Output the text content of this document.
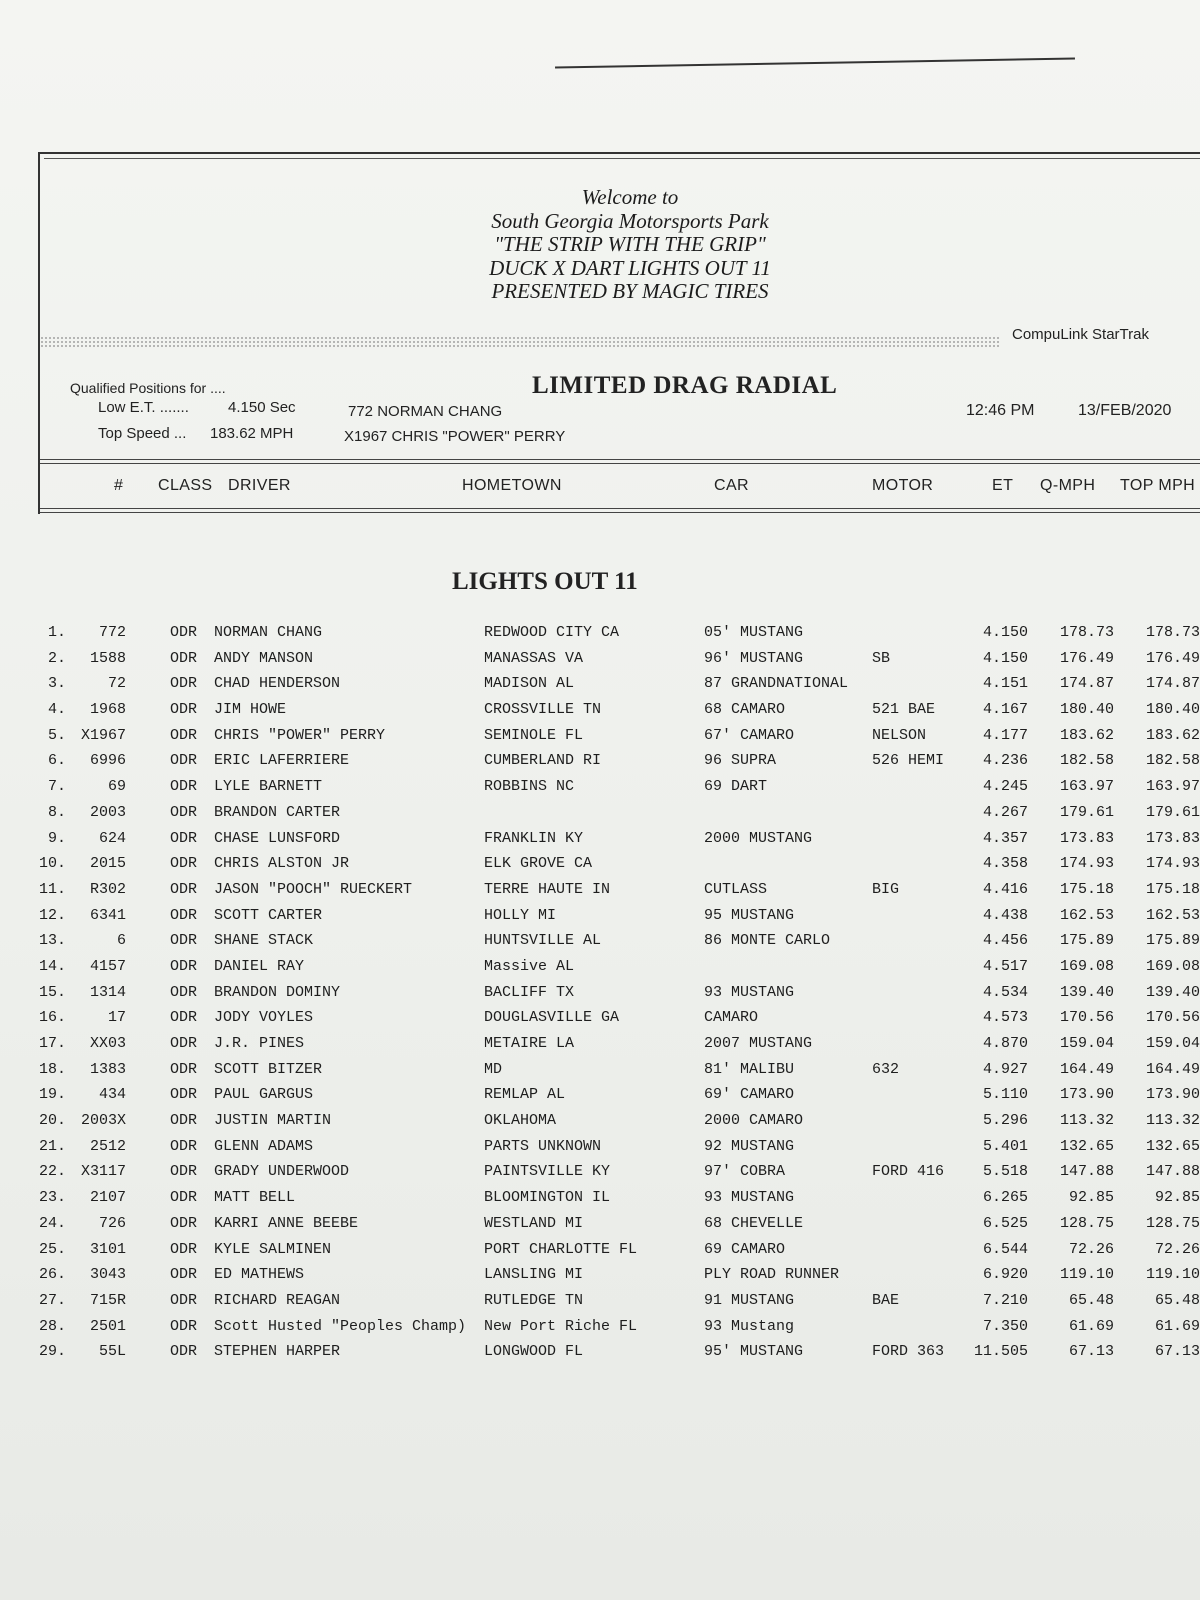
Welcome to
South Georgia Motorsports Park
"THE STRIP WITH THE GRIP"
DUCK X DART LIGHTS OUT 11
PRESENTED BY MAGIC TIRES
CompuLink StarTrak
LIMITED DRAG RADIAL
Qualified Positions for ....
Low E.T. .......	4.150 Sec	772 NORMAN CHANG
Top Speed ... 183.62 MPH	X1967 CHRIS "POWER" PERRY
12:46 PM	13/FEB/2020
# CLASS DRIVER	HOMETOWN	CAR	MOTOR	ET Q-MPH TOP MPH
LIGHTS OUT 11
1.	772	ODR NORMAN CHANG	REDWOOD CITY CA	05' MUSTANG	4.150	178.73	178.73
2.	1588	ODR ANDY MANSON	MANASSAS VA	96' MUSTANG	SB	4.150	176.49	176.49
3.	72	ODR CHAD HENDERSON	MADISON AL	87 GRANDNATIONAL	4.151	174.87	174.87
4.	1968	ODR JIM HOWE	CROSSVILLE TN	68 CAMARO	521 BAE	4.167	180.40	180.40
5. X1967	ODR CHRIS "POWER" PERRY	SEMINOLE FL	67' CAMARO	NELSON	4.177	183.62	183.62
6.	6996	ODR ERIC LAFERRIERE	CUMBERLAND RI	96 SUPRA	526 HEMI	4.236	182.58	182.58
7.	69	ODR LYLE BARNETT	ROBBINS NC	69 DART	4.245	163.97	163.97
8.	2003	ODR BRANDON CARTER	4.267	179.61	179.61
9.	624	ODR CHASE LUNSFORD	FRANKLIN KY	2000 MUSTANG	4.357	173.83	173.83
10.	2015	ODR CHRIS ALSTON JR	ELK GROVE CA	4.358	174.93	174.93
11.	R302	ODR JASON "POOCH" RUECKERT	TERRE HAUTE IN	CUTLASS	BIG	4.416	175.18	175.18
12.	6341	ODR SCOTT CARTER	HOLLY MI	95 MUSTANG	4.438	162.53	162.53
13.	6	ODR SHANE STACK	HUNTSVILLE AL	86 MONTE CARLO	4.456	175.89	175.89
14.	4157	ODR DANIEL RAY	Massive AL	4.517	169.08	169.08
15.	1314	ODR BRANDON DOMINY	BACLIFF TX	93 MUSTANG	4.534	139.40	139.40
16.	17	ODR JODY VOYLES	DOUGLASVILLE GA	CAMARO	4.573	170.56	170.56
17.	XX03	ODR J.R. PINES	METAIRE LA	2007 MUSTANG	4.870	159.04	159.04
18.	1383	ODR SCOTT BITZER	MD	81' MALIBU	632	4.927	164.49	164.49
19.	434	ODR PAUL GARGUS	REMLAP AL	69' CAMARO	5.110	173.90	173.90
20. 2003X	ODR JUSTIN MARTIN	OKLAHOMA	2000 CAMARO	5.296	113.32	113.32
21.	2512	ODR GLENN ADAMS	PARTS UNKNOWN	92 MUSTANG	5.401	132.65	132.65
22. X3117	ODR GRADY UNDERWOOD	PAINTSVILLE KY	97' COBRA	FORD 416	5.518	147.88	147.88
23.	2107	ODR MATT BELL	BLOOMINGTON IL	93 MUSTANG	6.265	92.85	92.85
24.	726	ODR KARRI ANNE BEEBE	WESTLAND MI	68 CHEVELLE	6.525	128.75	128.75
25.	3101	ODR KYLE SALMINEN	PORT CHARLOTTE FL	69 CAMARO	6.544	72.26	72.26
26.	3043	ODR ED MATHEWS	LANSLING MI	PLY ROAD RUNNER	6.920	119.10	119.10
27.	715R	ODR RICHARD REAGAN	RUTLEDGE TN	91 MUSTANG	BAE	7.210	65.48	65.48
28.	2501	ODR Scott Husted "Peoples Champ) New Port Riche FL	93 Mustang	7.350	61.69	61.69
29.	55L	ODR STEPHEN HARPER	LONGWOOD FL	95' MUSTANG	FORD 363	11.505	67.13	67.13
